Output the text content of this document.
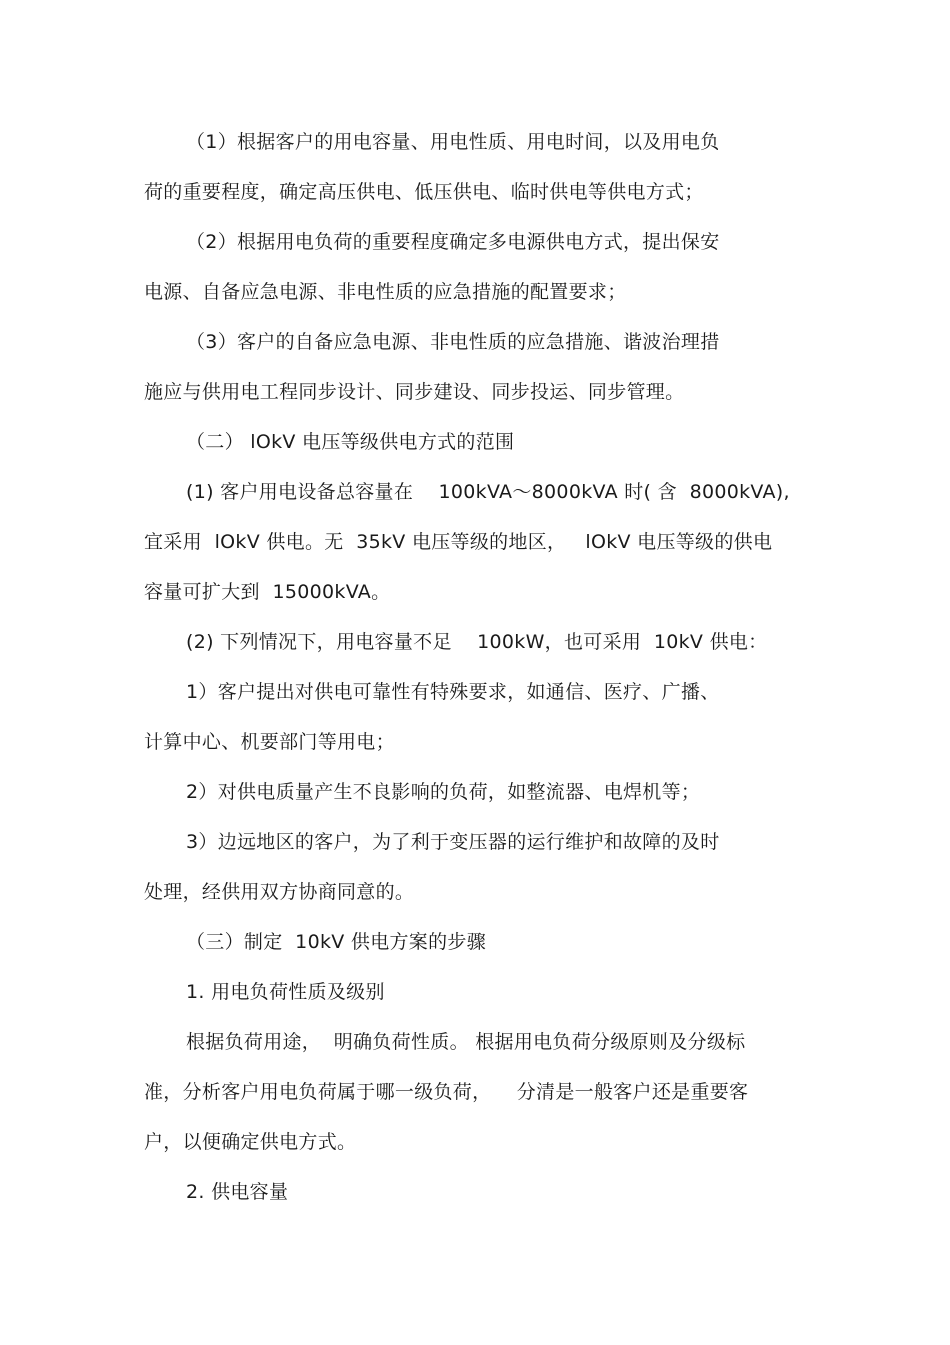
（1）根据客户的用电容量、用电性质、用电时间，以及用电负
荷的重要程度，确定高压供电、低压供电、临时供电等供电方式；
（2）根据用电负荷的重要程度确定多电源供电方式，提出保安
电源、自备应急电源、非电性质的应急措施的配置要求；
（3）客户的自备应急电源、非电性质的应急措施、谐波治理措
施应与供用电工程同步设计、同步建设、同步投运、同步管理。
（二） lOkV 电压等级供电方式的范围
(1) 客户用电设备总容量在    100kVA～8000kVA 时( 含  8000kVA),
宜采用  lOkV 供电。无  35kV 电压等级的地区，   lOkV 电压等级的供电
容量可扩大到  15000kVA。
(2) 下列情况下，用电容量不足    100kW，也可采用  10kV 供电：
1）客户提出对供电可靠性有特殊要求，如通信、医疗、广播、
计算中心、机要部门等用电；
2）对供电质量产生不良影响的负荷，如整流器、电焊机等；
3）边远地区的客户，为了利于变压器的运行维护和故障的及时
处理，经供用双方协商同意的。
（三）制定  10kV 供电方案的步骤
1. 用电负荷性质及级别
根据负荷用途，  明确负荷性质。 根据用电负荷分级原则及分级标
准，分析客户用电负荷属于哪一级负荷，    分清是一般客户还是重要客
户，以便确定供电方式。
2. 供电容量
